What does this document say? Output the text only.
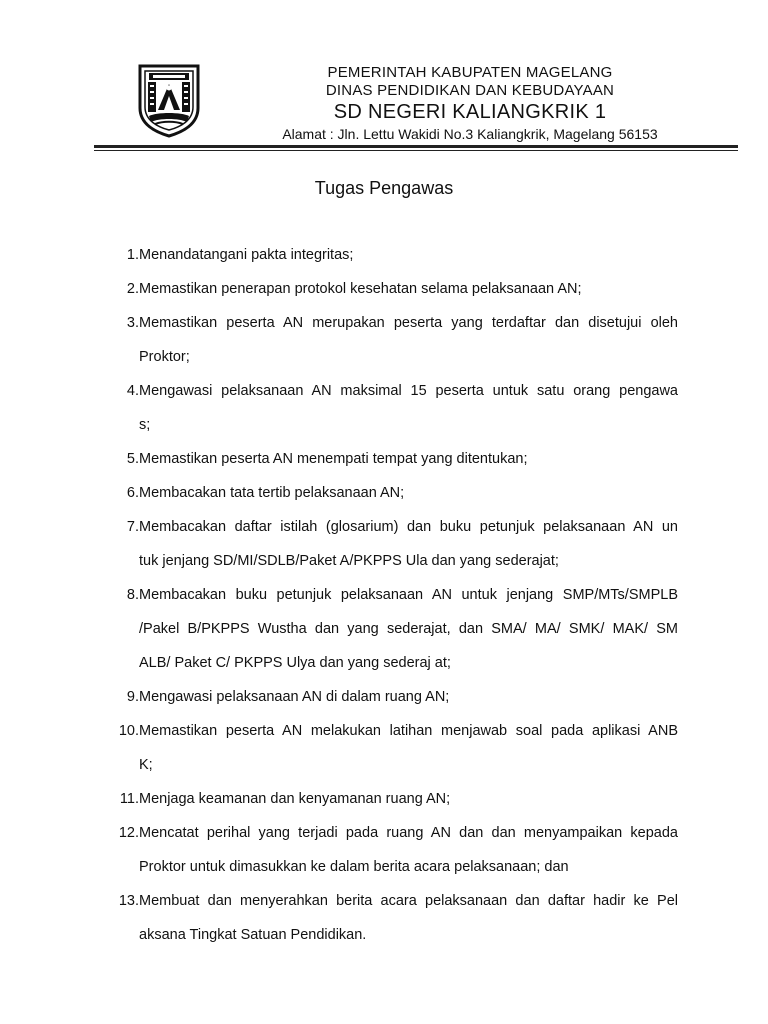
PEMERINTAH KABUPATEN MAGELANG
DINAS PENDIDIKAN DAN KEBUDAYAAN
SD NEGERI KALIANGKRIK 1
Alamat : Jln. Lettu Wakidi No.3 Kaliangkrik, Magelang 56153
Tugas Pengawas
1. Menandatangani pakta integritas;
2. Memastikan penerapan protokol kesehatan selama pelaksanaan AN;
3. Memastikan peserta AN merupakan peserta yang terdaftar dan disetujui oleh
Proktor;
4. Mengawasi pelaksanaan AN maksimal 15 peserta untuk satu orang pengawa
s;
5. Memastikan peserta AN menempati tempat yang ditentukan;
6. Membacakan tata tertib pelaksanaan AN;
7. Membacakan daftar istilah (glosarium) dan buku petunjuk pelaksanaan AN un
tuk jenjang SD/MI/SDLB/Paket A/PKPPS Ula dan yang sederajat;
8. Membacakan buku petunjuk pelaksanaan AN untuk jenjang SMP/MTs/SMPLB
/Pakel B/PKPPS Wustha dan yang sederajat, dan SMA/ MA/ SMK/ MAK/ SM
ALB/ Paket C/ PKPPS Ulya dan yang sederaj at;
9. Mengawasi pelaksanaan AN di dalam ruang AN;
10. Memastikan peserta AN melakukan latihan menjawab soal pada aplikasi ANB
K;
11. Menjaga keamanan dan kenyamanan ruang AN;
12. Mencatat perihal yang terjadi pada ruang AN dan dan menyampaikan kepada
Proktor untuk dimasukkan ke dalam berita acara pelaksanaan; dan
13. Membuat dan menyerahkan berita acara pelaksanaan dan daftar hadir ke Pel
aksana Tingkat Satuan Pendidikan.
